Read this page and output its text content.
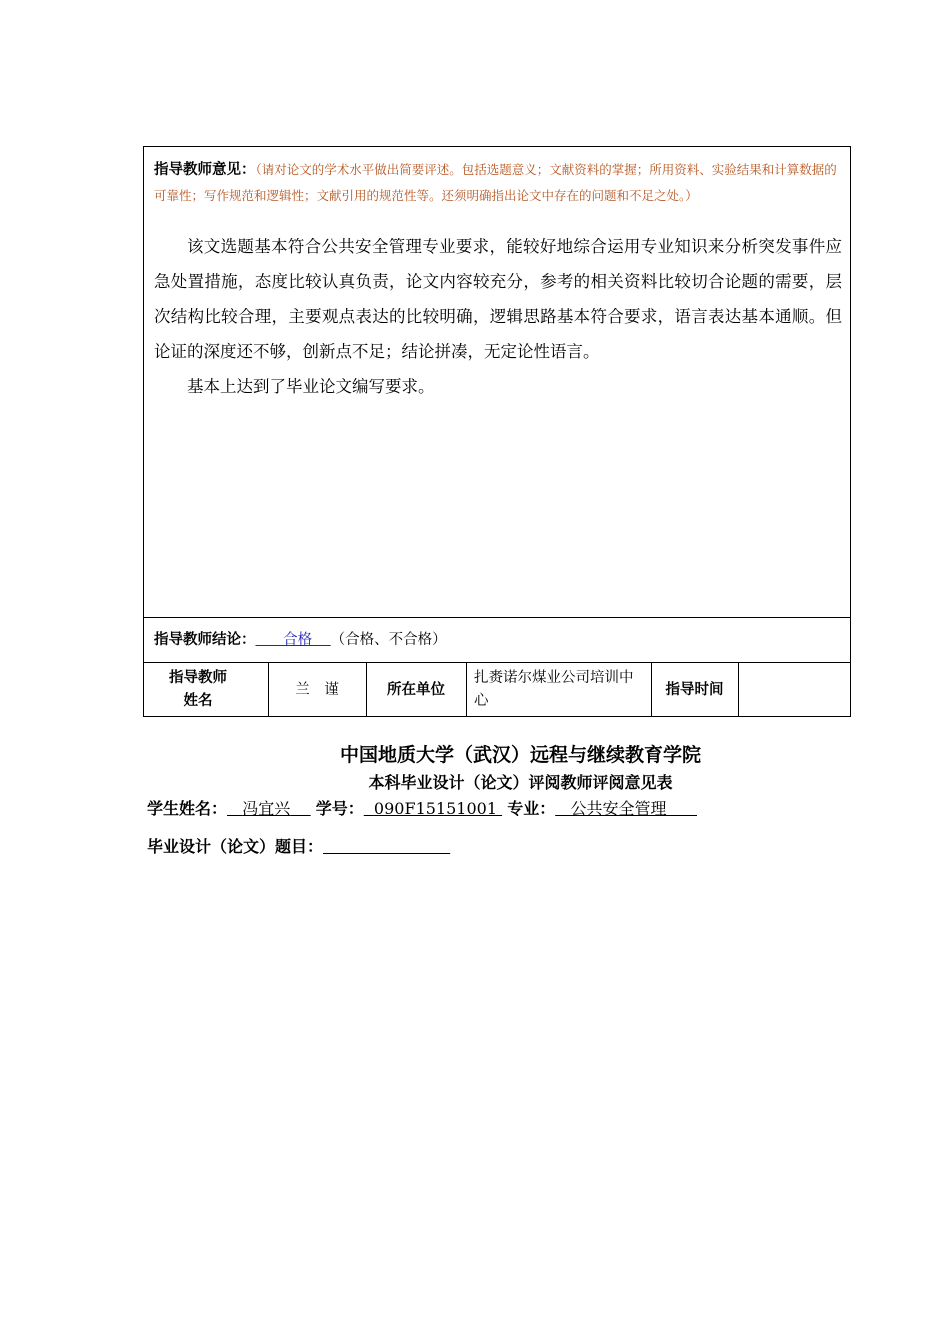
指导教师意见：（请对论文的学术水平做出简要评述。包括选题意义；文献资料的掌握；所用资料、实验结果和计算数据的可靠性；写作规范和逻辑性；文献引用的规范性等。还须明确指出论文中存在的问题和不足之处。）

该文选题基本符合公共安全管理专业要求，能较好地综合运用专业知识来分析突发事件应急处置措施，态度比较认真负责，论文内容较充分，参考的相关资料比较切合论题的需要，层次结构比较合理，主要观点表达的比较明确，逻辑思路基本符合要求，语言表达基本通顺。但论证的深度还不够，创新点不足；结论拼凑，无定论性语言。

基本上达到了毕业论文编写要求。

指导教师结论： 合格 （合格、不合格）
指导教师姓名
兰　谨	所在单位
扎赉诺尔煤业公司培训中心
指导时间
中国地质大学（武汉）远程与继续教育学院
本科毕业设计（论文）评阅教师评阅意见表
学生姓名： 冯宜兴 学号： 090F15151001 专业： 公共安全管理
毕业设计（论文）题目：
